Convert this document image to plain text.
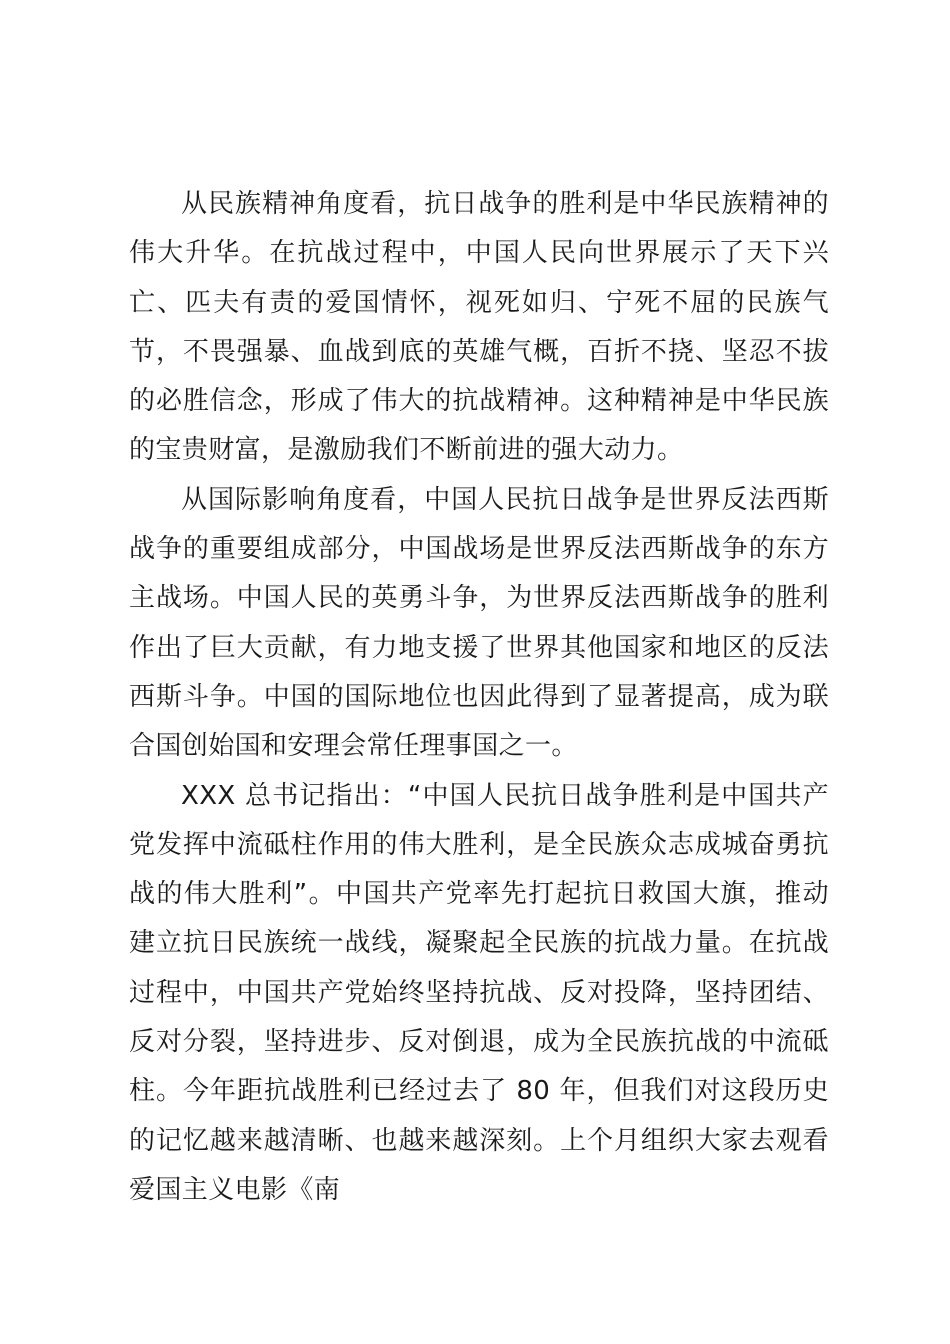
从民族精神角度看，抗日战争的胜利是中华民族精神的伟大升华。在抗战过程中，中国人民向世界展示了天下兴亡、匹夫有责的爱国情怀，视死如归、宁死不屈的民族气节，不畏强暴、血战到底的英雄气概，百折不挠、坚忍不拔的必胜信念，形成了伟大的抗战精神。这种精神是中华民族的宝贵财富，是激励我们不断前进的强大动力。

从国际影响角度看，中国人民抗日战争是世界反法西斯战争的重要组成部分，中国战场是世界反法西斯战争的东方主战场。中国人民的英勇斗争，为世界反法西斯战争的胜利作出了巨大贡献，有力地支援了世界其他国家和地区的反法西斯斗争。中国的国际地位也因此得到了显著提高，成为联合国创始国和安理会常任理事国之一。

XXX 总书记指出：“中国人民抗日战争胜利是中国共产党发挥中流砥柱作用的伟大胜利，是全民族众志成城奋勇抗战的伟大胜利”。中国共产党率先打起抗日救国大旗，推动建立抗日民族统一战线，凝聚起全民族的抗战力量。在抗战过程中，中国共产党始终坚持抗战、反对投降，坚持团结、反对分裂，坚持进步、反对倒退，成为全民族抗战的中流砥柱。今年距抗战胜利已经过去了 80 年，但我们对这段历史的记忆越来越清晰、也越来越深刻。上个月组织大家去观看爱国主义电影《南
